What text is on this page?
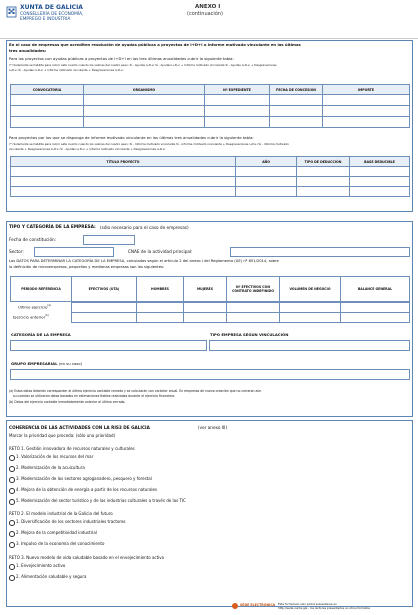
XUNTA DE GALICIA
CONSELLERÍA DE ECONOMÍA,
EMPREGO E INDUSTRIA
ANEXO I
(continuación)
En el caso de empresas que acrediten resolución de ayudas públicas a proyectos de I+D+i o informe motivado vinculante en las últimas
tres anualidades:
Para los proyectos con ayudas públicas a proyectos de I+D+i en las tres últimas anualidades cubrir la siguiente tabla:
(*) Solamente se habilita para cubrir este cuadro cuando los valores del cuadro sean: Sí - Ayudas I+D+i Sí - Ayudas I+D+i + Informe motivado vinculante Sí - Ayudas I+D+i + Desgravaciones
I+D+i Sí - Ayudas I+D+i + Informe motivado vinculante + Desgravaciones I+D+i
CONVOCATORIA	ORGANISMO	Nº EXPEDIENTE	FECHA DE CONCESIÓN	IMPORTE
Para proyectos por los que se disponga de informe motivado vinculante en las últimas tres anualidades cubrir la siguiente tabla:
(*) Solamente se habilita para cubrir este cuadro cuando los valores del cuadro sean: Sí - Informe motivado vinculante Sí - Informe motivado vinculante + Desgravaciones I+D+i Sí - Informe motivado
vinculante + Desgravaciones I+D+i Sí - Ayudas I+D+i + Informe motivado vinculante + Desgravaciones I+D+i
TÍTULO PROYECTO	AÑO	TIPO DE DEDUCCIÓN	BASE DEDUCIBLE
TIPO Y CATEGORÍA DE LA EMPRESA: (sólo necesario para el caso de empresas)
Fecha de constitución:
Sector:	CNAE de la actividad principal:
Los DATOS PARA DETERMINAR LA CATEGORÍA DE LA EMPRESA, calculados según el artículo 2 del anexo I del Reglamento (UE) nº 651/2014, sobre
la definición de microempresas, pequeñas y medianas empresas son los siguientes:
PERÍODO REFERENCIA	EFECTIVOS (UTA)	HOMBRES	MUJERES	Nº EFECTIVOS CON CONTRATO INDEFINIDO	VOLUMEN DE NEGOCIO	BALANCE GENERAL
Último ejercicio$^{(a)}$
Ejercicio anterior$^{(b)}$
CATEGORÍA DE LA EMPRESA	TIPO EMPRESA SEGÚN VINCULACIÓN
GRUPO EMPRESARIAL (en su caso)
(a) Estos datos deberán corresponder al último ejercicio contable cerrado y se calcularán con carácter anual. En empresas de nueva creación que no cerraran aún
su cuentas se utilizarán datos basados en estimaciones fiables realizadas durante el ejercicio financiero.
(b) Datos del ejercicio contable inmediatamente anterior al último cerrado.
COHERENCIA DE LAS ACTIVIDADES CON LA RIS3 DE GALICIA	(ver anexo III)
Marcar la prioridad que proceda: (sólo una prioridad)
RETO 1. Gestión innovadora de recursos naturales y culturales
1. Valorización de los recursos del mar
2. Modernización de la acuicultura
3. Modernización de los sectores agroganadero, pesquero y forestal
4. Mejora de la obtención de energía a partir de los recursos naturales
5. Modernización del sector turístico y de las industrias culturales a través de las TIC
RETO 2. El modelo industrial de la Galicia del futuro
1. Diversificación de los sectores industriales tractores
2. Mejora de la competitividad industrial
3. Impulso de la economía del conocimiento
RETO 3. Nuevo modelo de vida saludable basado en el envejecimiento activo
1. Envejecimiento activo
2. Alimentación saludable y segura
SEDE ELECTRÓNICA Este formulario solo podrá presentarse en
http://sede.xunta.gal - los lectores presentados en otros formatos
